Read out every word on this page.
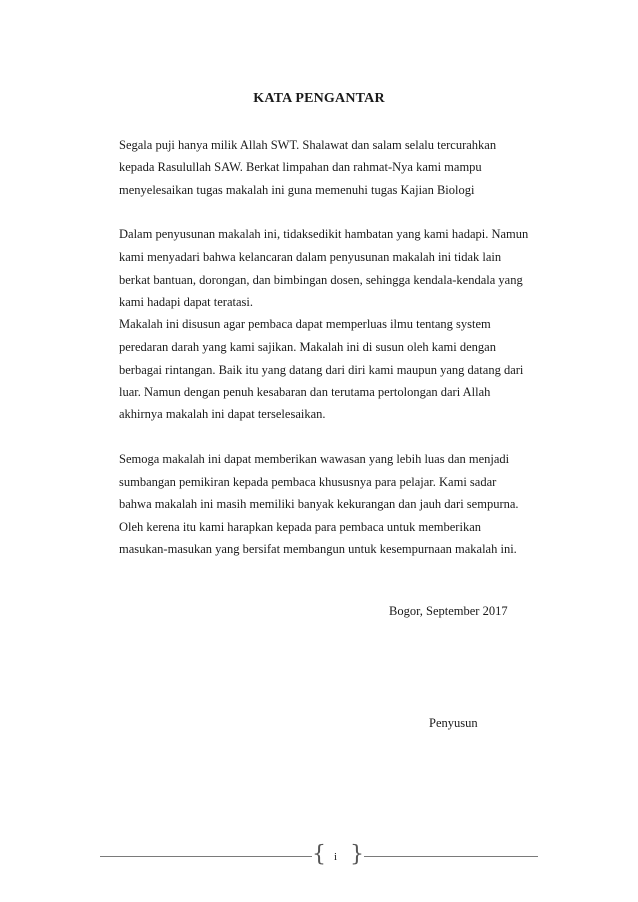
KATA PENGANTAR
Segala puji hanya milik Allah SWT. Shalawat dan salam selalu tercurahkan
kepada Rasulullah SAW. Berkat limpahan dan rahmat-Nya kami mampu
menyelesaikan tugas makalah ini guna memenuhi tugas Kajian Biologi
Dalam penyusunan makalah ini, tidaksedikit hambatan yang kami hadapi. Namun
kami menyadari bahwa kelancaran dalam penyusunan makalah ini tidak lain
berkat bantuan, dorongan, dan bimbingan dosen, sehingga kendala-kendala yang
kami hadapi dapat teratasi.
Makalah ini disusun agar pembaca dapat memperluas ilmu tentang system
peredaran darah yang kami sajikan. Makalah ini di susun oleh kami dengan
berbagai rintangan. Baik itu yang datang dari diri kami maupun yang datang dari
luar. Namun dengan penuh kesabaran dan terutama pertolongan dari Allah
akhirnya makalah ini dapat terselesaikan.
Semoga makalah ini dapat memberikan wawasan yang lebih luas dan menjadi
sumbangan pemikiran kepada pembaca khususnya para pelajar. Kami sadar
bahwa makalah ini masih memiliki banyak kekurangan dan jauh dari sempurna.
Oleh kerena itu kami harapkan kepada para pembaca untuk memberikan
masukan-masukan yang bersifat membangun untuk kesempurnaan makalah ini.
Bogor, September 2017
Penyusun
{ i }
